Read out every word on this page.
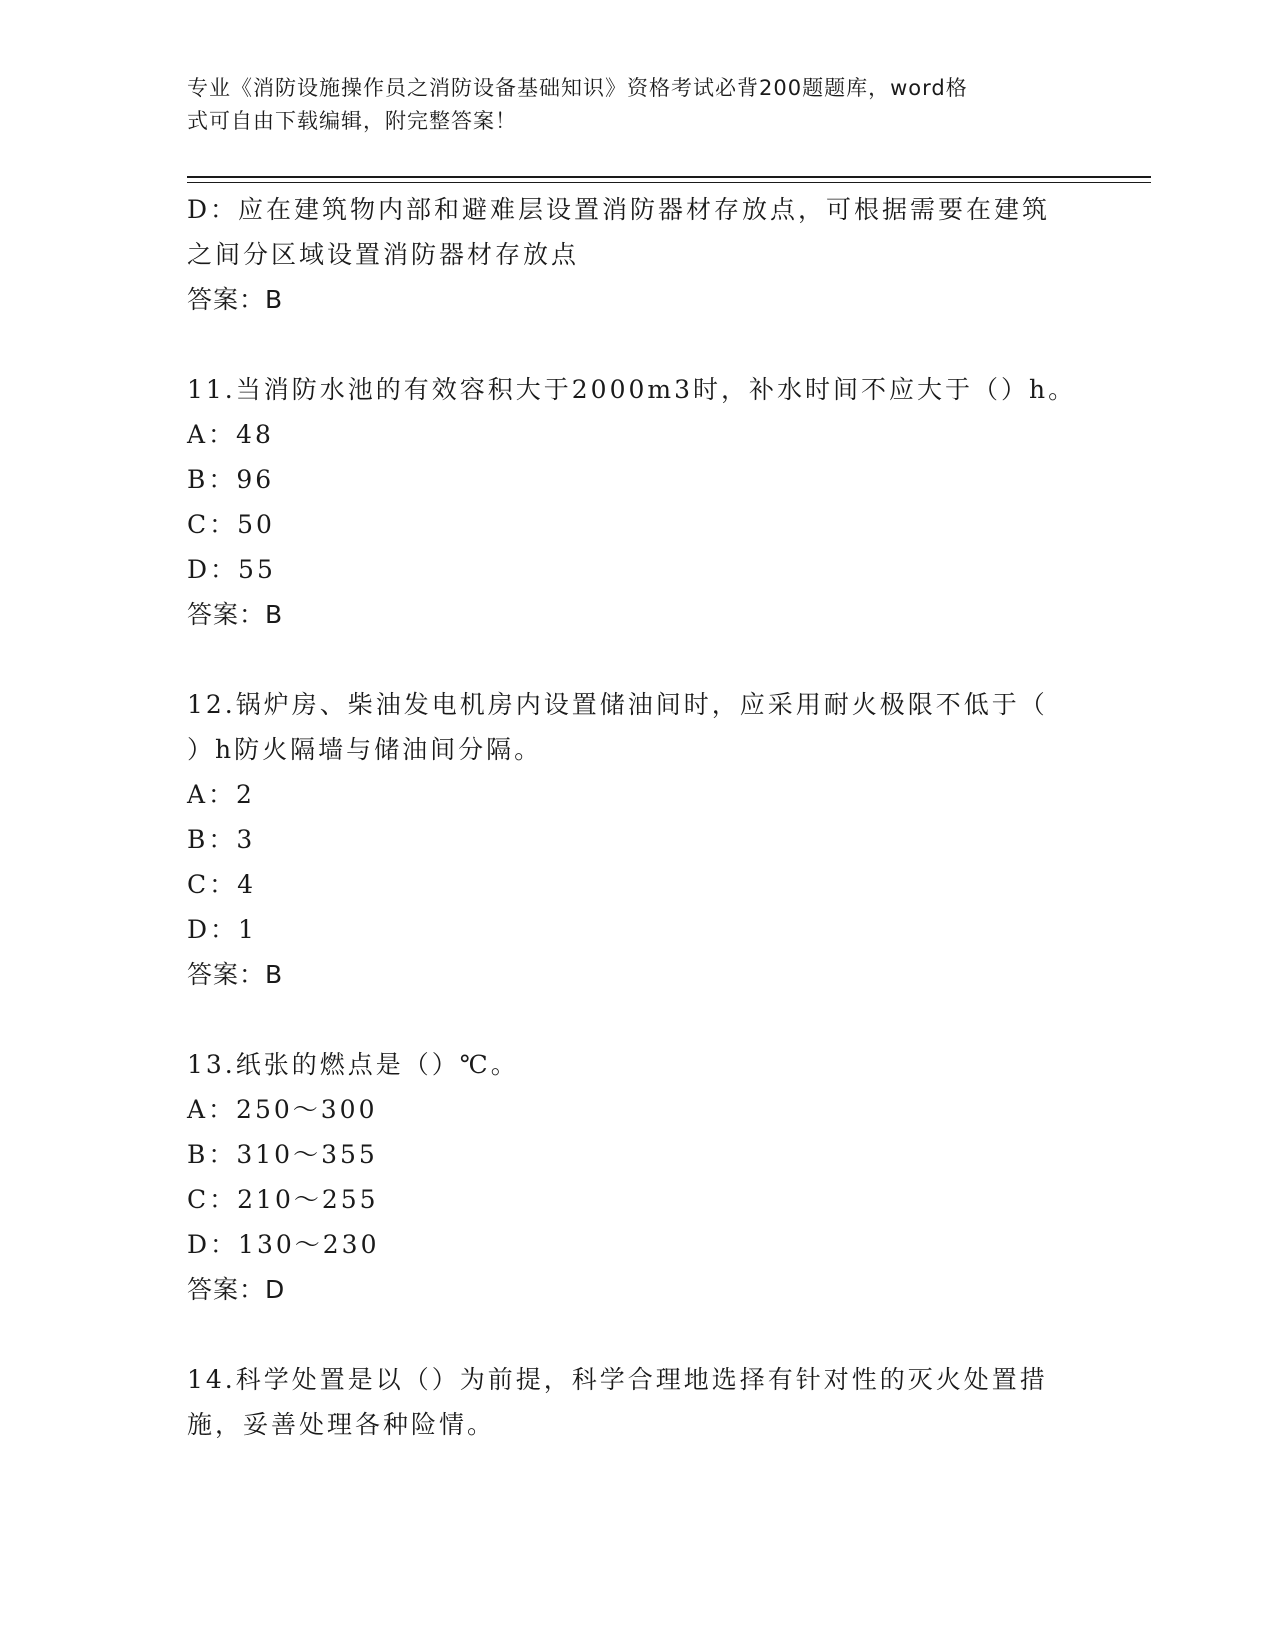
专业《消防设施操作员之消防设备基础知识》资格考试必背200题题库，word格
式可自由下载编辑，附完整答案！
D：应在建筑物内部和避难层设置消防器材存放点，可根据需要在建筑
之间分区域设置消防器材存放点
答案：B
11.当消防水池的有效容积大于2000m3时，补水时间不应大于（）h。
A：48
B：96
C：50
D：55
答案：B
12.锅炉房、柴油发电机房内设置储油间时，应采用耐火极限不低于（
）h防火隔墙与储油间分隔。
A：2
B：3
C：4
D：1
答案：B
13.纸张的燃点是（）℃。
A：250～300
B：310～355
C：210～255
D：130～230
答案：D
14.科学处置是以（）为前提，科学合理地选择有针对性的灭火处置措
施，妥善处理各种险情。
